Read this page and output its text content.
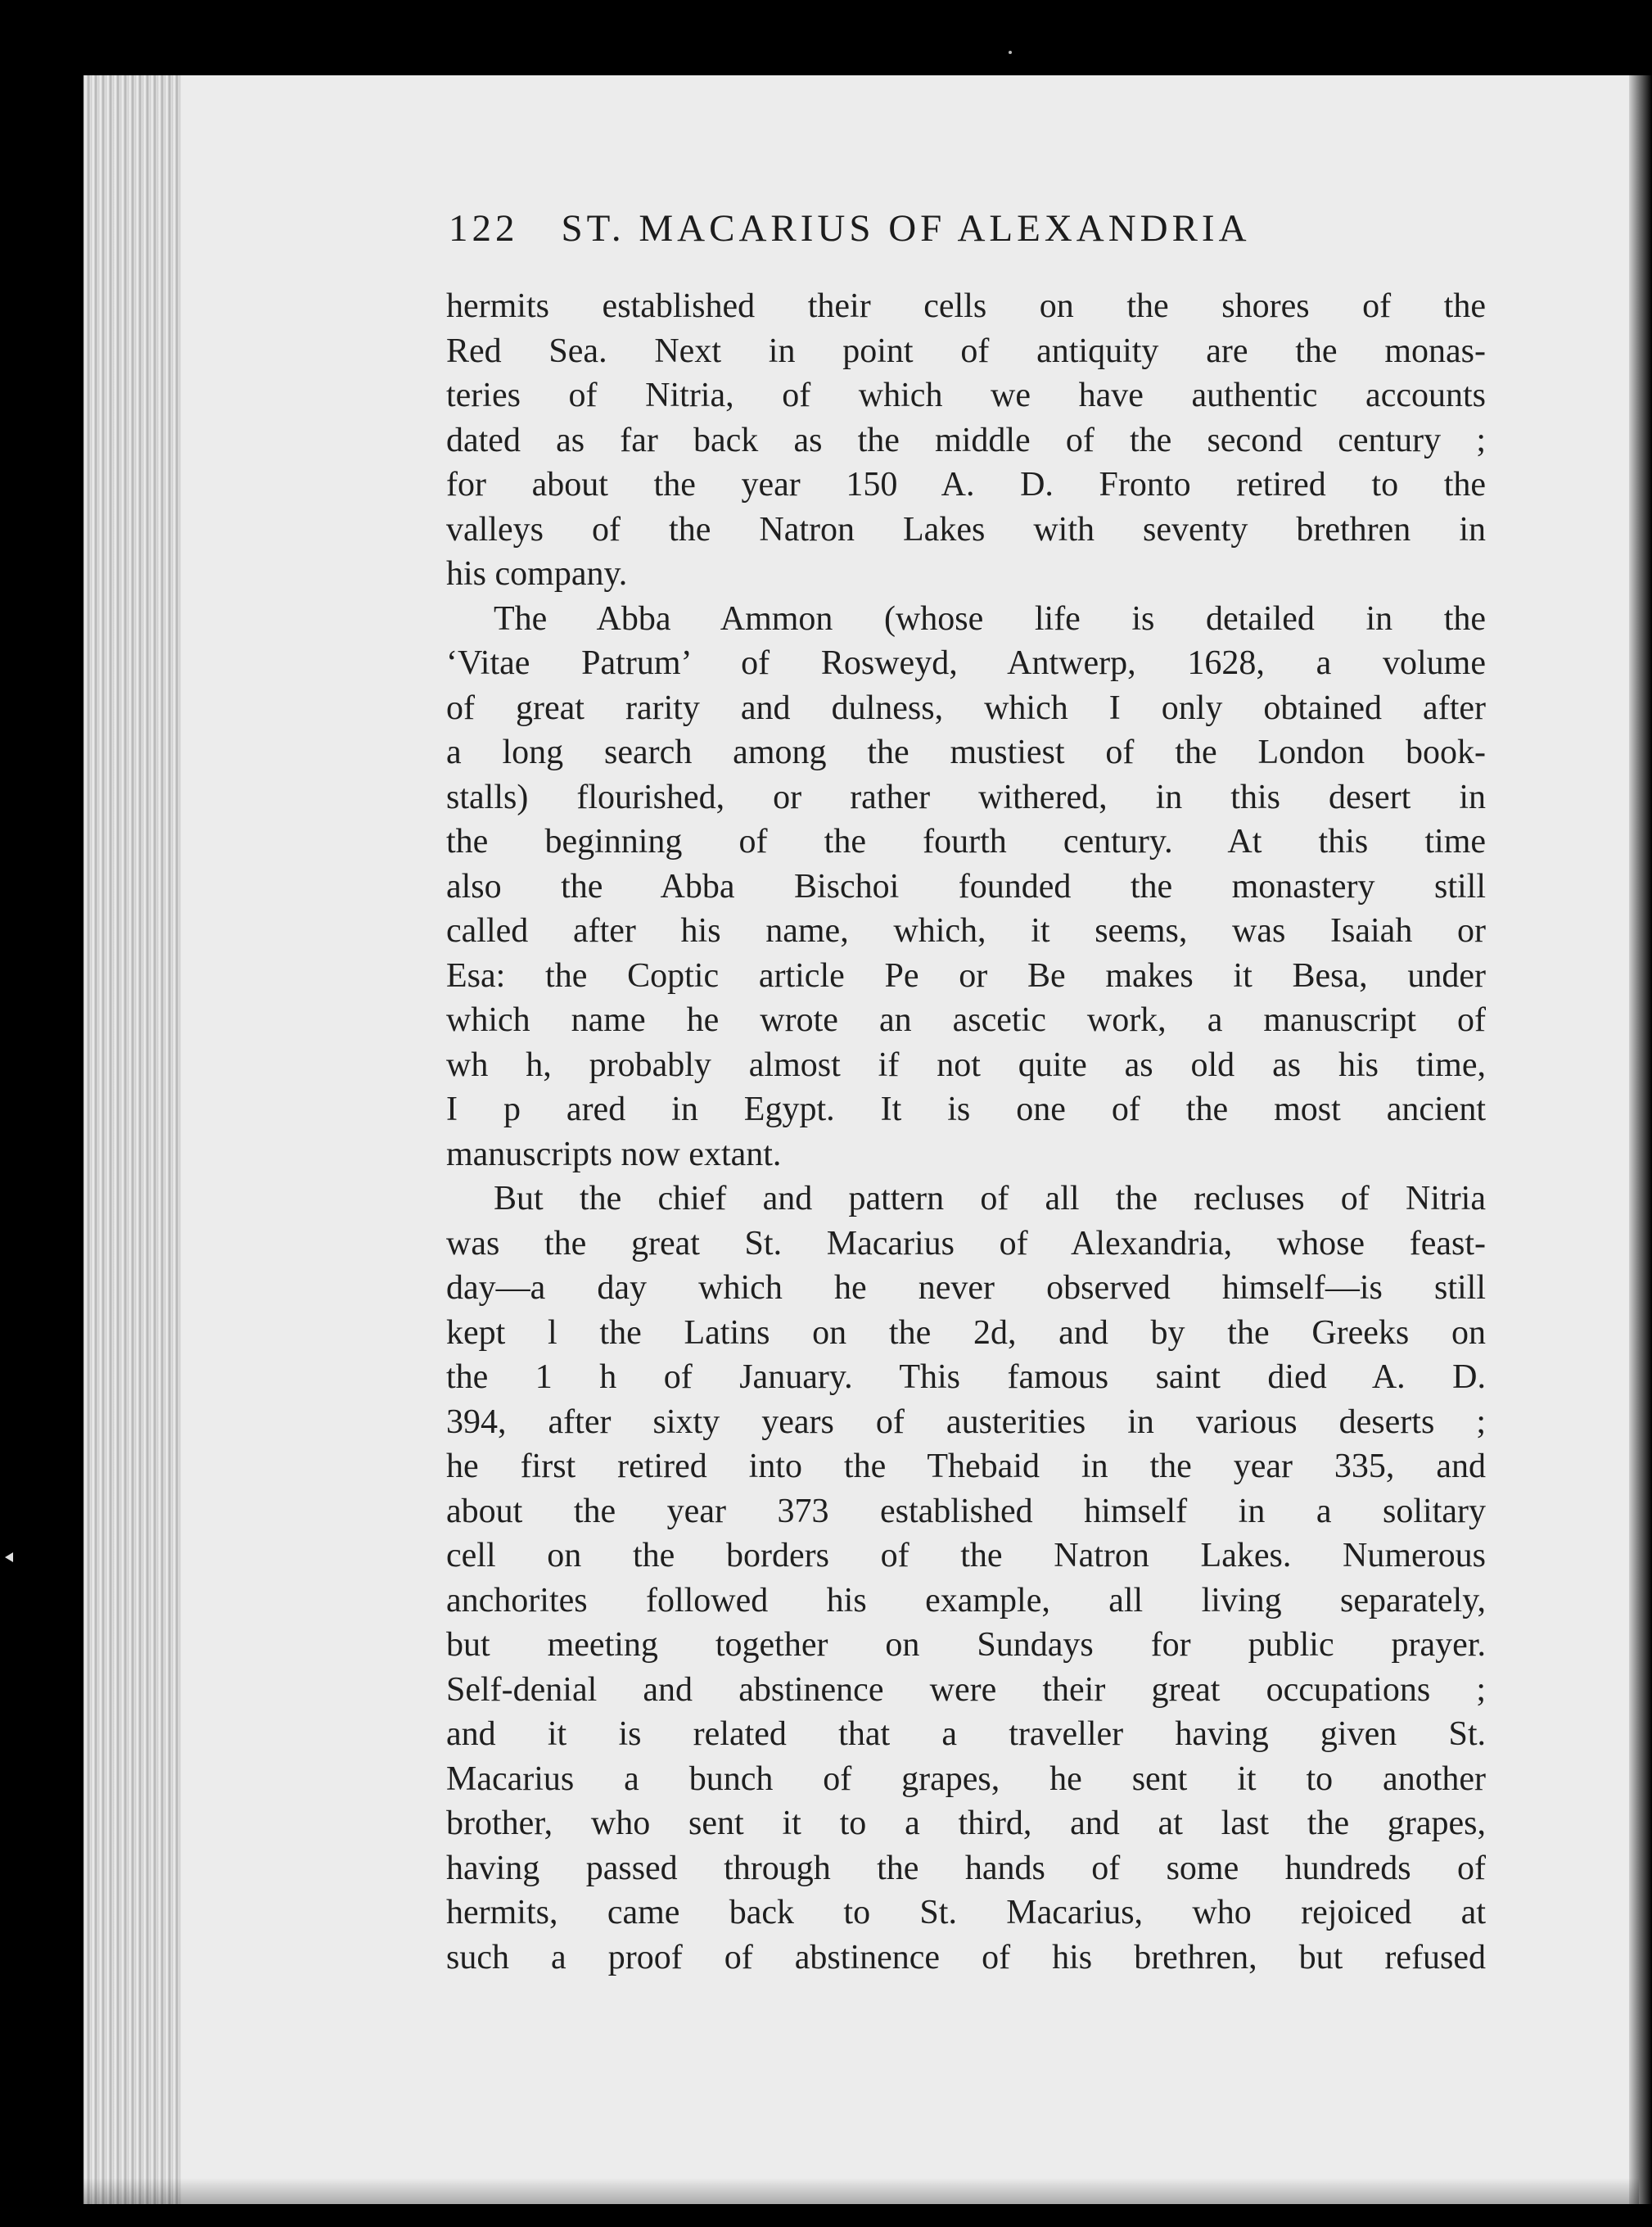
122 ST. MACARIUS OF ALEXANDRIA
hermits established their cells on the shores of the
Red Sea. Next in point of antiquity are the monas-
teries of Nitria, of which we have authentic accounts
dated as far back as the middle of the second century ;
for about the year 150 A. D. Fronto retired to the
valleys of the Natron Lakes with seventy brethren in
his company.
The Abba Ammon (whose life is detailed in the
‘Vitae Patrum’ of Rosweyd, Antwerp, 1628, a volume
of great rarity and dulness, which I only obtained after
a long search among the mustiest of the London book-
stalls) flourished, or rather withered, in this desert in
the beginning of the fourth century. At this time
also the Abba Bischoi founded the monastery still
called after his name, which, it seems, was Isaiah or
Esa: the Coptic article Pe or Be makes it Besa, under
which name he wrote an ascetic work, a manuscript of
wh h, probably almost if not quite as old as his time,
I p ared in Egypt. It is one of the most ancient
manuscripts now extant.
But the chief and pattern of all the recluses of Nitria
was the great St. Macarius of Alexandria, whose feast-
day—a day which he never observed himself—is still
kept l the Latins on the 2d, and by the Greeks on
the 1 h of January. This famous saint died A. D.
394, after sixty years of austerities in various deserts ;
he first retired into the Thebaid in the year 335, and
about the year 373 established himself in a solitary
cell on the borders of the Natron Lakes. Numerous
anchorites followed his example, all living separately,
but meeting together on Sundays for public prayer.
Self-denial and abstinence were their great occupations ;
and it is related that a traveller having given St.
Macarius a bunch of grapes, he sent it to another
brother, who sent it to a third, and at last the grapes,
having passed through the hands of some hundreds of
hermits, came back to St. Macarius, who rejoiced at
such a proof of abstinence of his brethren, but refused
